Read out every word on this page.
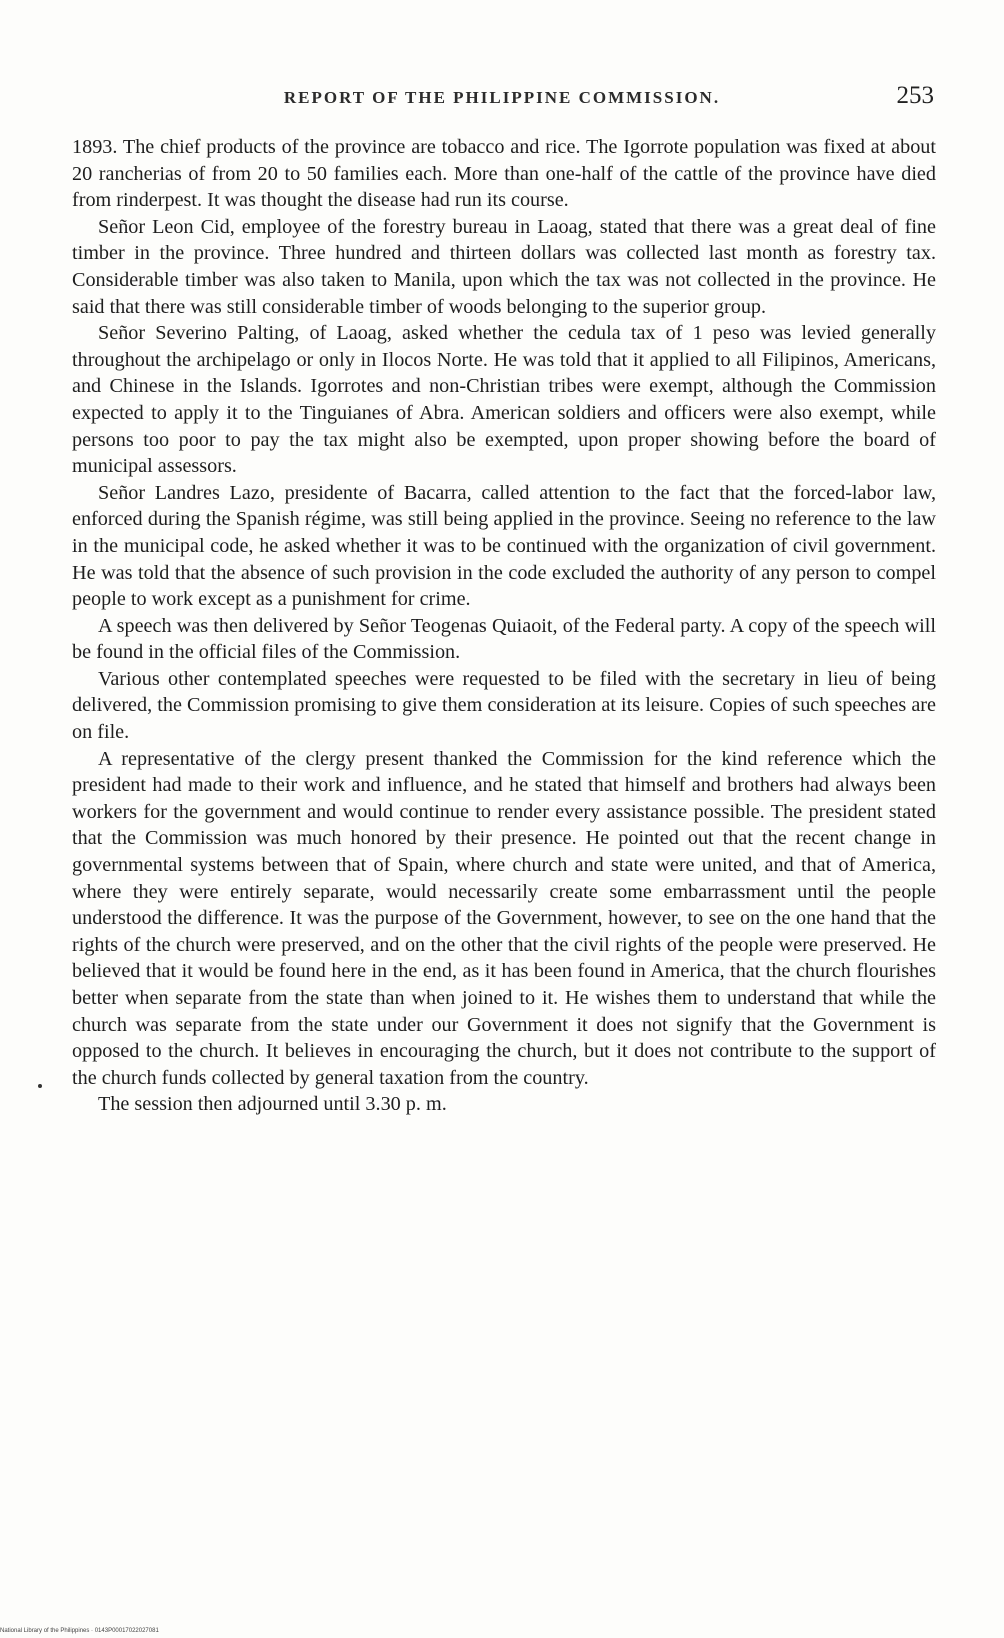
REPORT OF THE PHILIPPINE COMMISSION.	253

1893. The chief products of the province are tobacco and rice. The Igorrote population was fixed at about 20 rancherias of from 20 to 50 families each. More than one-half of the cattle of the province have died from rinderpest. It was thought the disease had run its course.

Señor Leon Cid, employee of the forestry bureau in Laoag, stated that there was a great deal of fine timber in the province. Three hundred and thirteen dollars was collected last month as forestry tax. Considerable timber was also taken to Manila, upon which the tax was not collected in the province. He said that there was still considerable timber of woods belonging to the superior group.

Señor Severino Palting, of Laoag, asked whether the cedula tax of 1 peso was levied generally throughout the archipelago or only in Ilocos Norte. He was told that it applied to all Filipinos, Americans, and Chinese in the Islands. Igorrotes and non-Christian tribes were exempt, although the Commission expected to apply it to the Tinguianes of Abra. American soldiers and officers were also exempt, while persons too poor to pay the tax might also be exempted, upon proper showing before the board of municipal assessors.

Señor Landres Lazo, presidente of Bacarra, called attention to the fact that the forced-labor law, enforced during the Spanish régime, was still being applied in the province. Seeing no reference to the law in the municipal code, he asked whether it was to be continued with the organization of civil government. He was told that the absence of such provision in the code excluded the authority of any person to compel people to work except as a punishment for crime.

A speech was then delivered by Señor Teogenas Quiaoit, of the Federal party. A copy of the speech will be found in the official files of the Commission.

Various other contemplated speeches were requested to be filed with the secretary in lieu of being delivered, the Commission promising to give them consideration at its leisure. Copies of such speeches are on file.

A representative of the clergy present thanked the Commission for the kind reference which the president had made to their work and influence, and he stated that himself and brothers had always been workers for the government and would continue to render every assistance possible. The president stated that the Commission was much honored by their presence. He pointed out that the recent change in governmental systems between that of Spain, where church and state were united, and that of America, where they were entirely separate, would necessarily create some embarrassment until the people understood the difference. It was the purpose of the Government, however, to see on the one hand that the rights of the church were preserved, and on the other that the civil rights of the people were preserved. He believed that it would be found here in the end, as it has been found in America, that the church flourishes better when separate from the state than when joined to it. He wishes them to understand that while the church was separate from the state under our Government it does not signify that the Government is opposed to the church. It believes in encouraging the church, but it does not contribute to the support of the church funds collected by general taxation from the country.

The session then adjourned until 3.30 p. m.

National Library of the Philippines · 0143P00017022027081
